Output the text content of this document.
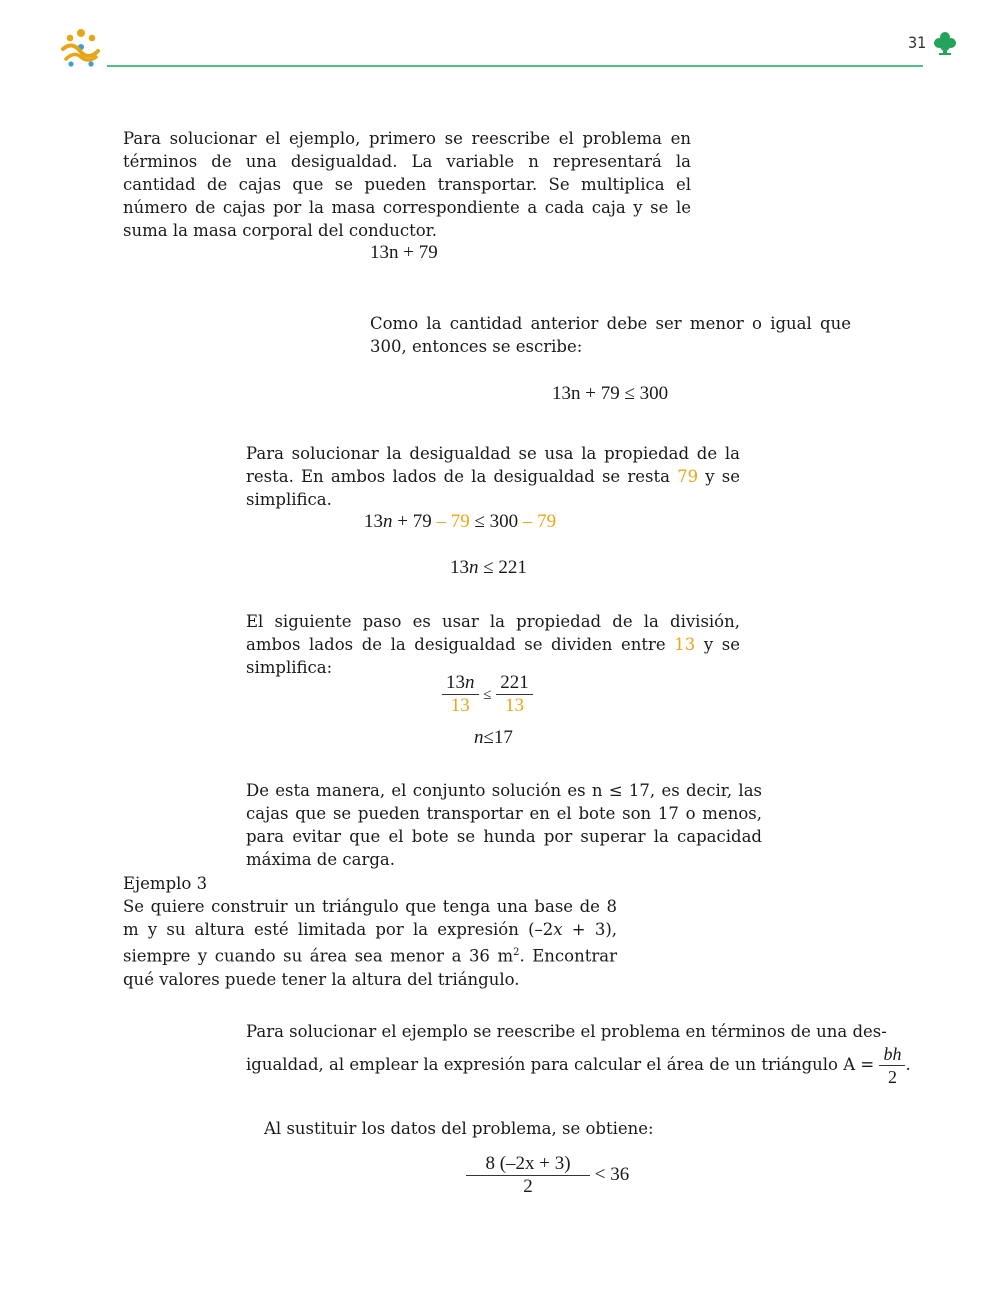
31
Para solucionar el ejemplo, primero se reescribe el problema en términos de una desigualdad. La variable n representará la cantidad de cajas que se pueden transportar. Se multiplica el número de cajas por la masa correspondiente a cada caja y se le suma la masa corporal del conductor.
13n + 79
Como la cantidad anterior debe ser menor o igual que 300, entonces se escribe:
13n + 79 ≤ 300
Para solucionar la desigualdad se usa la propiedad de la resta. En ambos lados de la desigualdad se resta 79 y se simplifica.
13n + 79 – 79 ≤ 300 – 79
13n ≤ 221
El siguiente paso es usar la propiedad de la división, ambos lados de la desigualdad se dividen entre 13 y se simplifica:
$\frac{13n}{13} \le \frac{221}{13}$
n≤17
De esta manera, el conjunto solución es n ≤ 17, es decir, las cajas que se pueden transportar en el bote son 17 o menos, para evitar que el bote se hunda por superar la capacidad máxima de carga.
Ejemplo 3
Se quiere construir un triángulo que tenga una base de 8 m y su altura esté limitada por la expresión (–2x + 3), siempre y cuando su área sea menor a 36 $m^2$. Encontrar qué valores puede tener la altura del triángulo.
Para solucionar el ejemplo se reescribe el problema en términos de una des-
igualdad, al emplear la expresión para calcular el área de un triángulo $A = \frac{bh}{2}$ .
Al sustituir los datos del problema, se obtiene:
$\frac{8 (-2x + 3)}{2} < 36$
